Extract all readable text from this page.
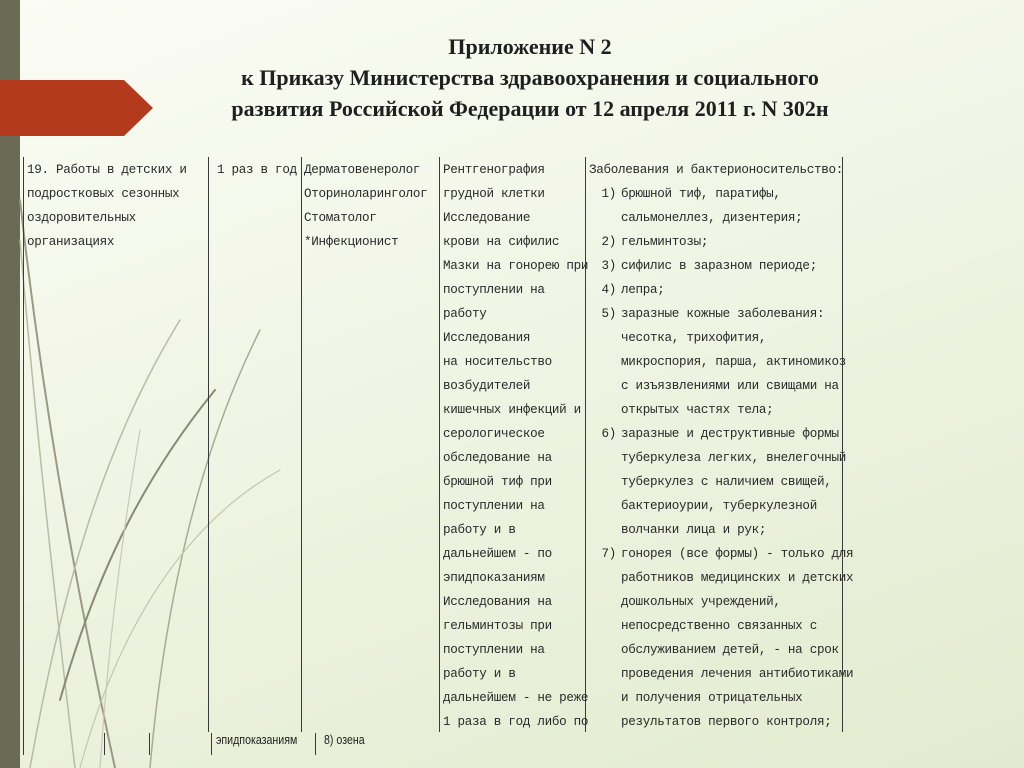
Приложение N 2
к Приказу Министерства здравоохранения и социального
развития Российской Федерации от 12 апреля 2011 г. N 302н
19. Работы в детских и
подростковых сезонных
оздоровительных
организациях
1 раз в год Дерматовенеролог
Оториноларинголог
Стоматолог
*Инфекционист
Рентгенография
грудной клетки
Исследование
крови на сифилис
Мазки на гонорею при
поступлении на
работу
Исследования
на носительство
возбудителей
кишечных инфекций и
серологическое
обследование на
брюшной тиф при
поступлении на
работу и в
дальнейшем - по
эпидпоказаниям
Исследования на
гельминтозы при
поступлении на
работу и в
дальнейшем - не реже
1 раза в год либо по
Заболевания и бактерионосительство:
1) брюшной тиф, паратифы,
сальмонеллез, дизентерия;
2) гельминтозы;
3) сифилис в заразном периоде;
4) лепра;
5) заразные кожные заболевания:
чесотка, трихофития,
микроспория, парша, актиномикоз
с изъязвлениями или свищами на
открытых частях тела;
6) заразные и деструктивные формы
туберкулеза легких, внелегочный
туберкулез с наличием свищей,
бактериоурии, туберкулезной
волчанки лица и рук;
7) гонорея (все формы) - только для
работников медицинских и детских
дошкольных учреждений,
непосредственно связанных с
обслуживанием детей, - на срок
проведения лечения антибиотиками
и получения отрицательных
результатов первого контроля;
эпидпоказаниям 8) озена
